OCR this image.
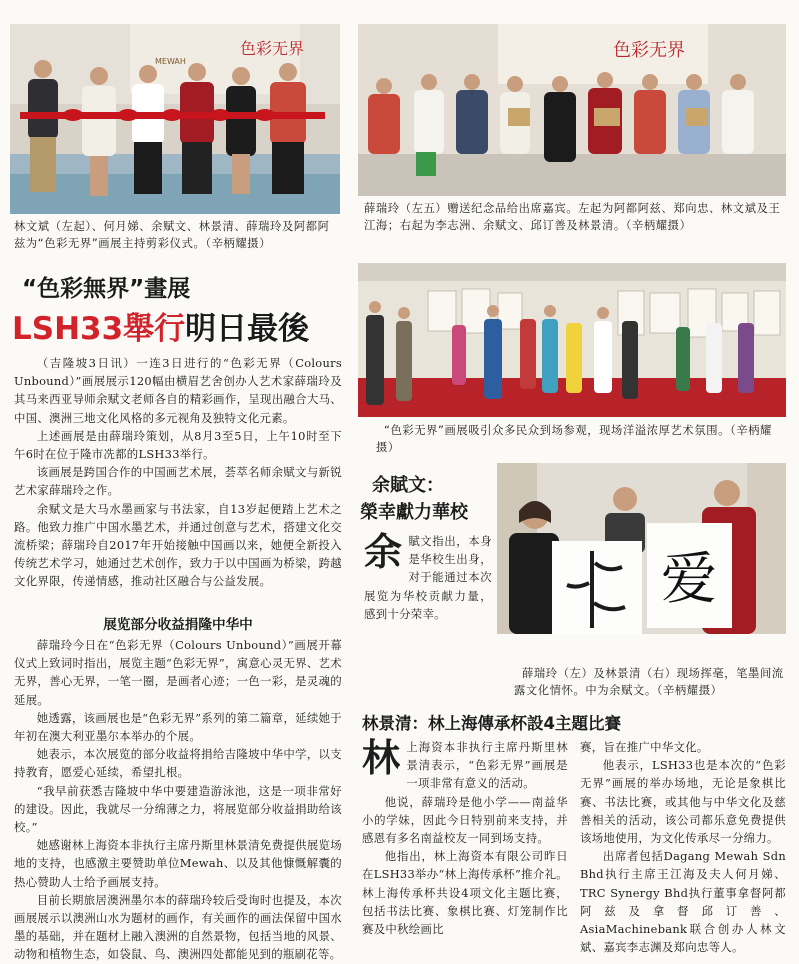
色彩无界
MEWAH
林文斌（左起）、何月娣、余赋文、林景清、薛瑞玲及阿都阿兹为“色彩无界”画展主持剪彩仪式。（辛柄耀摄）
色彩无界
薛瑞玲（左五）赠送纪念品给出席嘉宾。左起为阿都阿兹、郑向忠、林文斌及王江海；右起为李志洲、余赋文、邱订善及林景清。（辛柄耀摄）
“色彩無界”畫展
LSH33舉行明日最後

（吉隆坡3日讯）一连3日进行的“色彩无界（Colours Unbound）”画展展示120幅由横眉艺舍创办人艺术家薛瑞玲及其马来西亚导师余赋文老师各自的精彩画作，呈现出融合大马、中国、澳洲三地文化风格的多元视角及独特文化元素。

上述画展是由薛瑞玲策划，从8月3至5日，上午10时至下午6时在位于隆市冼都的LSH33举行。

该画展是跨国合作的中国画艺术展，荟萃名师余赋文与新锐艺术家薛瑞玲之作。

余赋文是大马水墨画家与书法家，自13岁起便踏上艺术之路。他致力推广中国水墨艺术，并通过创意与艺术，搭建文化交流桥梁；薛瑞玲自2017年开始接触中国画以来，她便全新投入传统艺术学习，她通过艺术创作，致力于以中国画为桥梁，跨越文化界限，传递情感，推动社区融合与公益发展。

展览部分收益捐隆中华中

薛瑞玲今日在“色彩无界（Colours Unbound）”画展开幕仪式上致词时指出，展览主题“色彩无界”，寓意心灵无界、艺术无界，善心无界，一笔一圈，是画者心迹；一色一彩，是灵魂的延展。

她透露，该画展也是“色彩无界”系列的第二篇章，延续她于年初在澳大利亚墨尔本举办的个展。

她表示，本次展览的部分收益将捐给吉隆坡中华中学，以支持教育，愿爱心延续，希望扎根。

“我早前获悉吉隆坡中华中要建造游泳池，这是一项非常好的建设。因此，我就尽一分绵薄之力，将展览部分收益捐助给该校。”

她感谢林上海资本非执行主席丹斯里林景清免费提供展览场地的支持，也感激主要赞助单位Mewah、以及其他慷慨解囊的热心赞助人士给予画展支持。

目前长期旅居澳洲墨尔本的薛瑞玲较后受询时也提及，本次画展展示以澳洲山水为题材的画作，有关画作的画法保留中国水墨的基础，并在题材上融入澳洲的自然景物，包括当地的风景、动物和植物生态，如袋鼠、鸟、澳洲四处都能见到的瓶刷花等。

“色彩无界”画展吸引众多民众到场参观，现场洋溢浓厚艺术氛围。（辛柄耀摄）
余賦文：
榮幸獻力華校
余賦文指出，本身是华校生出身，对于能通过本次展览为华校贡献力量，感到十分荣幸。
爱
薛瑞玲（左）及林景清（右）现场挥毫，笔墨间流露文化情怀。中为余赋文。（辛柄耀摄）
林景清：林上海傳承杯設4主題比賽
林 上海资本非执行主席丹斯里林景清表示，“色彩无界”画展是一项非常有意义的活动。

他说，薛瑞玲是他小学——南益华小的学妹，因此今日特别前来支持，并感恩有多名南益校友一同到场支持。

他指出，林上海资本有限公司昨日在LSH33举办“林上海传承杯”推介礼。林上海传承杯共设4项文化主题比赛，包括书法比赛、象棋比赛、灯笼制作比赛及中秋绘画比

赛，旨在推广中华文化。

他表示，LSH33也是本次的“色彩无界”画展的举办场地，无论是象棋比赛、书法比赛，或其他与中华文化及慈善相关的活动，该公司都乐意免费提供该场地使用，为文化传承尽一分绵力。

出席者包括Dagang Mewah Sdn Bhd执行主席王江海及夫人何月娣、TRC Synergy Bhd执行董事拿督阿都阿兹及拿督邱订善、AsiaMachinebank联合创办人林文斌、嘉宾李志渊及郑向忠等人。
